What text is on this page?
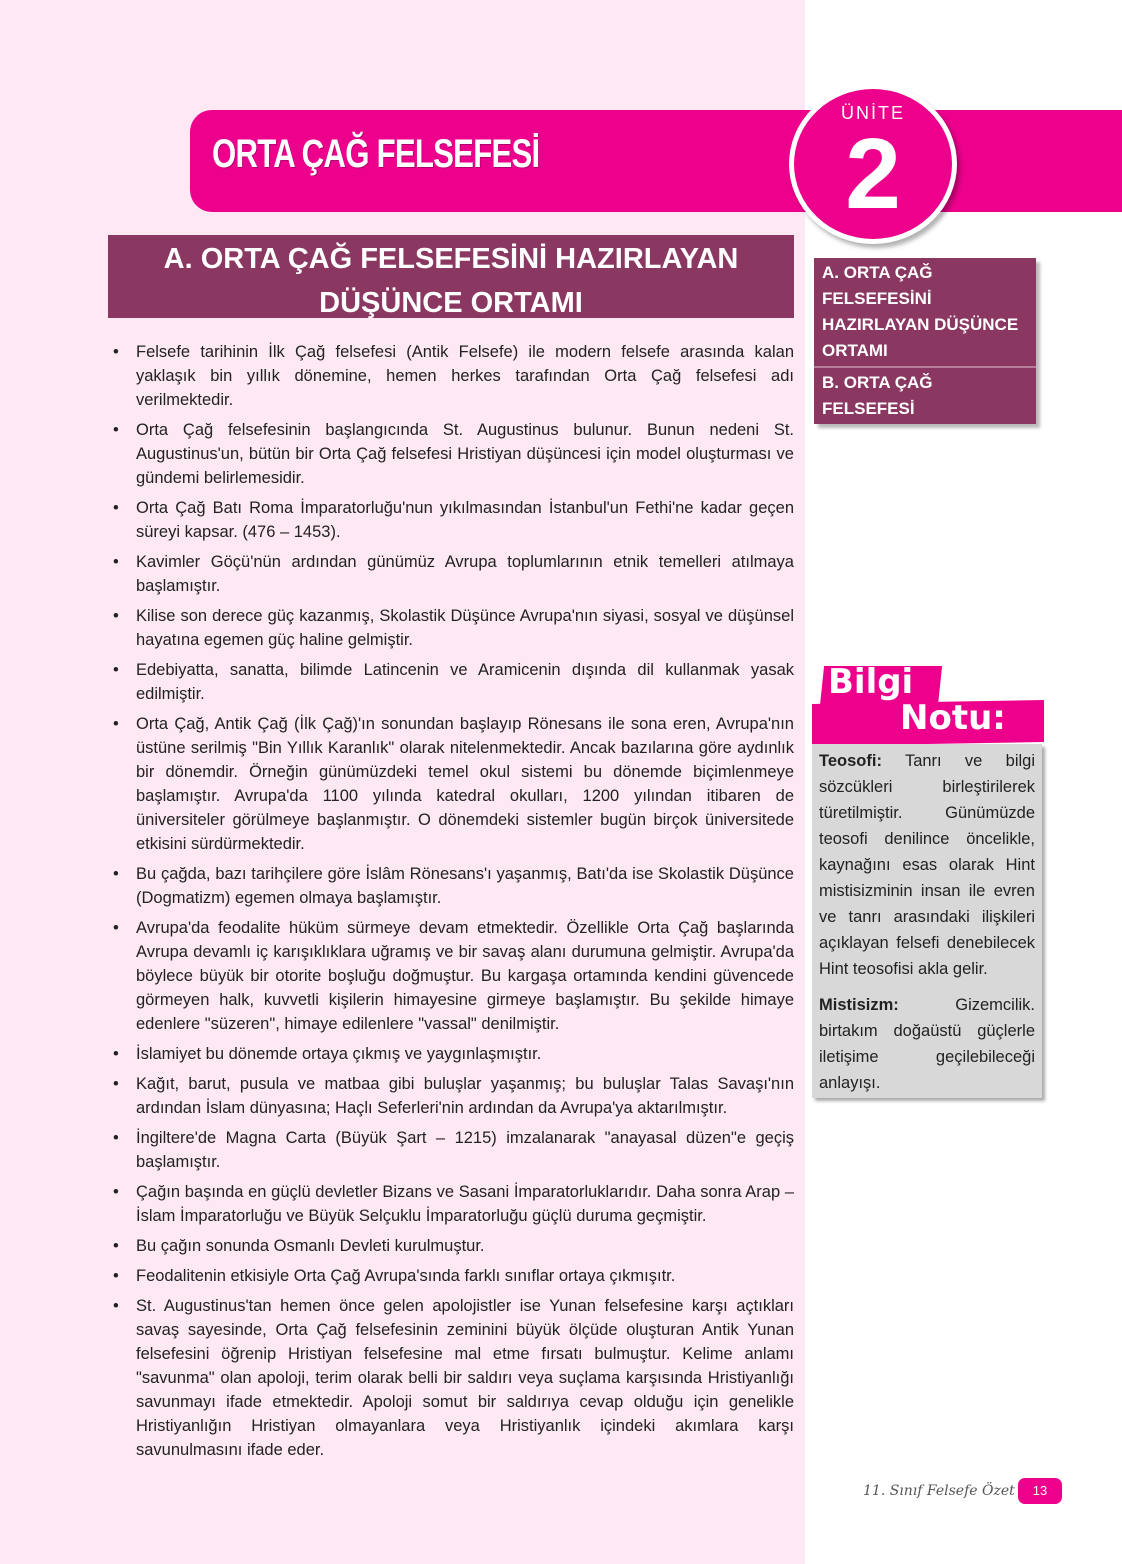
ORTA ÇAĞ FELSEFESİ
ÜNİTE
2
A. ORTA ÇAĞ FELSEFESİNİ HAZIRLAYAN
DÜŞÜNCE ORTAMI
A. ORTA ÇAĞ FELSEFESİNİ HAZIRLAYAN DÜŞÜNCE ORTAMI
B. ORTA ÇAĞ FELSEFESİ
• Felsefe tarihinin İlk Çağ felsefesi (Antik Felsefe) ile modern felsefe arasında kalan yaklaşık bin yıllık dönemine, hemen herkes tarafından Orta Çağ felsefesi adı verilmektedir.
• Orta Çağ felsefesinin başlangıcında St. Augustinus bulunur. Bunun nedeni St. Augustinus'un, bütün bir Orta Çağ felsefesi Hristiyan düşüncesi için model oluşturması ve gündemi belirlemesidir.
• Orta Çağ Batı Roma İmparatorluğu'nun yıkılmasından İstanbul'un Fethi'ne kadar geçen süreyi kapsar. (476 – 1453).
• Kavimler Göçü'nün ardından günümüz Avrupa toplumlarının etnik temelleri atılmaya başlamıştır.
• Kilise son derece güç kazanmış, Skolastik Düşünce Avrupa'nın siyasi, sosyal ve düşünsel hayatına egemen güç haline gelmiştir.
• Edebiyatta, sanatta, bilimde Latincenin ve Aramicenin dışında dil kullanmak yasak edilmiştir.
• Orta Çağ, Antik Çağ (İlk Çağ)'ın sonundan başlayıp Rönesans ile sona eren, Avrupa'nın üstüne serilmiş "Bin Yıllık Karanlık" olarak nitelenmektedir. Ancak bazılarına göre aydınlık bir dönemdir. Örneğin günümüzdeki temel okul sistemi bu dönemde biçimlenmeye başlamıştır. Avrupa'da 1100 yılında katedral okulları, 1200 yılından itibaren de üniversiteler görülmeye başlanmıştır. O dönemdeki sistemler bugün birçok üniversitede etkisini sürdürmektedir.
• Bu çağda, bazı tarihçilere göre İslâm Rönesans'ı yaşanmış, Batı'da ise Skolastik Düşünce (Dogmatizm) egemen olmaya başlamıştır.
• Avrupa'da feodalite hüküm sürmeye devam etmektedir. Özellikle Orta Çağ başlarında Avrupa devamlı iç karışıklıklara uğramış ve bir savaş alanı durumuna gelmiştir. Avrupa'da böylece büyük bir otorite boşluğu doğmuştur. Bu kargaşa ortamında kendini güvencede görmeyen halk, kuvvetli kişilerin himayesine girmeye başlamıştır. Bu şekilde himaye edenlere "süzeren", himaye edilenlere "vassal" denilmiştir.
• İslamiyet bu dönemde ortaya çıkmış ve yaygınlaşmıştır.
• Kağıt, barut, pusula ve matbaa gibi buluşlar yaşanmış; bu buluşlar Talas Savaşı'nın ardından İslam dünyasına; Haçlı Seferleri'nin ardından da Avrupa'ya aktarılmıştır.
• İngiltere'de Magna Carta (Büyük Şart – 1215) imzalanarak "anayasal düzen"e geçiş başlamıştır.
• Çağın başında en güçlü devletler Bizans ve Sasani İmparatorluklarıdır. Daha sonra Arap – İslam İmparatorluğu ve Büyük Selçuklu İmparatorluğu güçlü duruma geçmiştir.
• Bu çağın sonunda Osmanlı Devleti kurulmuştur.
• Feodalitenin etkisiyle Orta Çağ Avrupa'sında farklı sınıflar ortaya çıkmışıtr.
• St. Augustinus'tan hemen önce gelen apolojistler ise Yunan felsefesine karşı açtıkları savaş sayesinde, Orta Çağ felsefesinin zeminini büyük ölçüde oluşturan Antik Yunan felsefesini öğrenip Hristiyan felsefesine mal etme fırsatı bulmuştur. Kelime anlamı "savunma" olan apoloji, terim olarak belli bir saldırı veya suçlama karşısında Hristiyanlığı savunmayı ifade etmektedir. Apoloji somut bir saldırıya cevap olduğu için genelikle Hristiyanlığın Hristiyan olmayanlara veya Hristiyanlık içindeki akımlara karşı savunulmasını ifade eder.
Bilgi
Notu:

Teosofi: Tanrı ve bilgi sözcükleri birleştirilerek türetilmiştir. Günümüzde teosofi denilince öncelikle, kaynağını esas olarak Hint mistisizminin insan ile evren ve tanrı arasındaki ilişkileri açıklayan felsefi denebilecek Hint teosofisi akla gelir.

Mistisizm: Gizemcilik. birtakım doğaüstü güçlerle iletişime geçilebileceği anlayışı.

11. Sınıf Felsefe Özet	13
